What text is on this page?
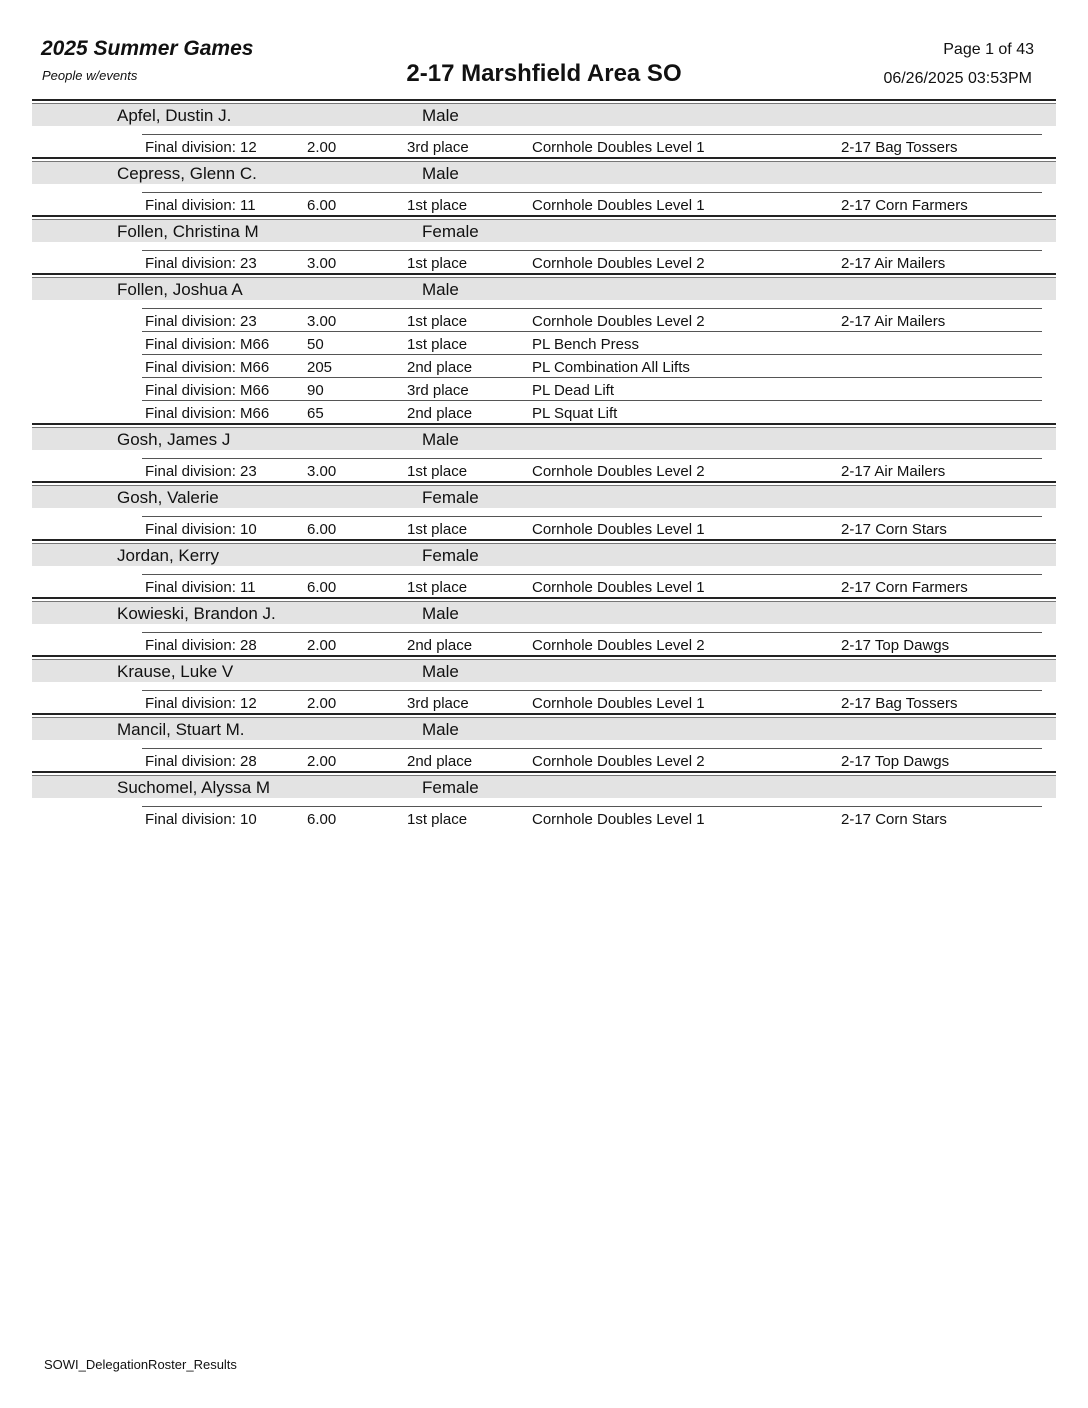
2025 Summer Games
People w/events	2-17 Marshfield Area SO
Page 1 of 43
06/26/2025 03:53PM
Apfel, Dustin J.	Male
Final division: 12	2.00	3rd place	Cornhole Doubles Level 1	2-17 Bag Tossers
Cepress, Glenn C.	Male
Final division: 11	6.00	1st place	Cornhole Doubles Level 1	2-17 Corn Farmers
Follen, Christina M	Female
Final division: 23	3.00	1st place	Cornhole Doubles Level 2	2-17 Air Mailers
Follen, Joshua A	Male
Final division: 23	3.00	1st place	Cornhole Doubles Level 2	2-17 Air Mailers
Final division: M66	50	1st place	PL Bench Press
Final division: M66	205	2nd place	PL Combination All Lifts
Final division: M66	90	3rd place	PL Dead Lift
Final division: M66	65	2nd place	PL Squat Lift
Gosh, James J	Male
Final division: 23	3.00	1st place	Cornhole Doubles Level 2	2-17 Air Mailers
Gosh, Valerie	Female
Final division: 10	6.00	1st place	Cornhole Doubles Level 1	2-17 Corn Stars
Jordan, Kerry	Female
Final division: 11	6.00	1st place	Cornhole Doubles Level 1	2-17 Corn Farmers
Kowieski, Brandon J.	Male
Final division: 28	2.00	2nd place	Cornhole Doubles Level 2	2-17 Top Dawgs
Krause, Luke V	Male
Final division: 12	2.00	3rd place	Cornhole Doubles Level 1	2-17 Bag Tossers
Mancil, Stuart M.	Male
Final division: 28	2.00	2nd place	Cornhole Doubles Level 2	2-17 Top Dawgs
Suchomel, Alyssa M	Female
Final division: 10	6.00	1st place	Cornhole Doubles Level 1	2-17 Corn Stars
SOWI_DelegationRoster_Results
